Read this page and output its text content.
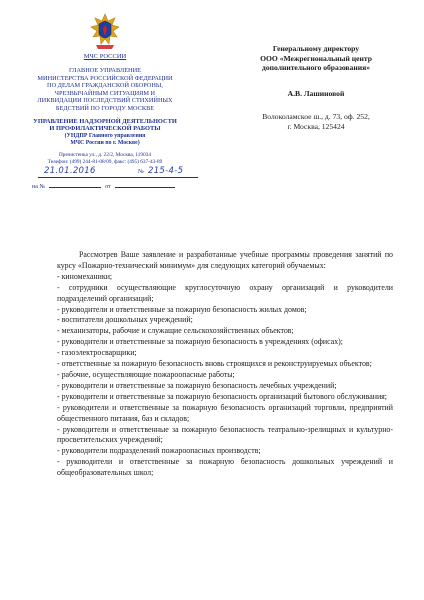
МЧС РОССИИ
ГЛАВНОЕ УПРАВЛЕНИЕ
МИНИСТЕРСТВА РОССИЙСКОЙ ФЕДЕРАЦИИ
ПО ДЕЛАМ ГРАЖДАНСКОЙ ОБОРОНЫ,
ЧРЕЗВЫЧАЙНЫМ СИТУАЦИЯМ И
ЛИКВИДАЦИИ ПОСЛЕДСТВИЙ СТИХИЙНЫХ
БЕДСТВИЙ ПО ГОРОДУ МОСКВЕ
УПРАВЛЕНИЕ НАДЗОРНОЙ ДЕЯТЕЛЬНОСТИ
И ПРОФИЛАКТИЧЕСКОЙ РАБОТЫ
(УНДПР Главного управления
МЧС России по г. Москве)
Пречистенка ул., д. 22/2, Москва, 119034
Телефон: (499) 244-81-08/09, факс: (495) 637-43-89
21.01.2016	№ 215-4-5
на №	от
Генеральному директору
ООО «Межрегиональный центр
дополнительного образования»
А.В. Лашиновой
Волоколамское ш., д. 73, оф. 252,
г. Москва, 125424

Рассмотрев Ваше заявление и разработанные учебные программы проведения занятий по курсу «Пожарно-технический минимум» для следующих категорий обучаемых:

- киномеханики;
- сотрудники осуществляющие круглосуточную охрану организаций и руководители подразделений организаций;
- руководители и ответственные за пожарную безопасность жилых домов;
- воспитатели дошкольных учреждений;
- механизаторы, рабочие и служащие сельскохозяйственных объектов;
- руководители и ответственные за пожарную безопасность в учреждениях (офисах);
- газоэлектросварщики;
- ответственные за пожарную безопасность вновь строящихся и реконструируемых объектов;
- рабочие, осуществляющие пожароопасные работы;
- руководители и ответственные за пожарную безопасность лечебных учреждений;
- руководители и ответственные за пожарную безопасность организаций бытового обслуживания;
- руководители и ответственные за пожарную безопасность организаций торговли, предприятий общественного питания, баз и складов;
- руководители и ответственные за пожарную безопасность театрально-зрелищных и культурно-просветительских учреждений;
- руководители подразделений пожароопасных производств;
- руководители и ответственные за пожарную безопасность дошкольных учреждений и общеобразовательных школ;
